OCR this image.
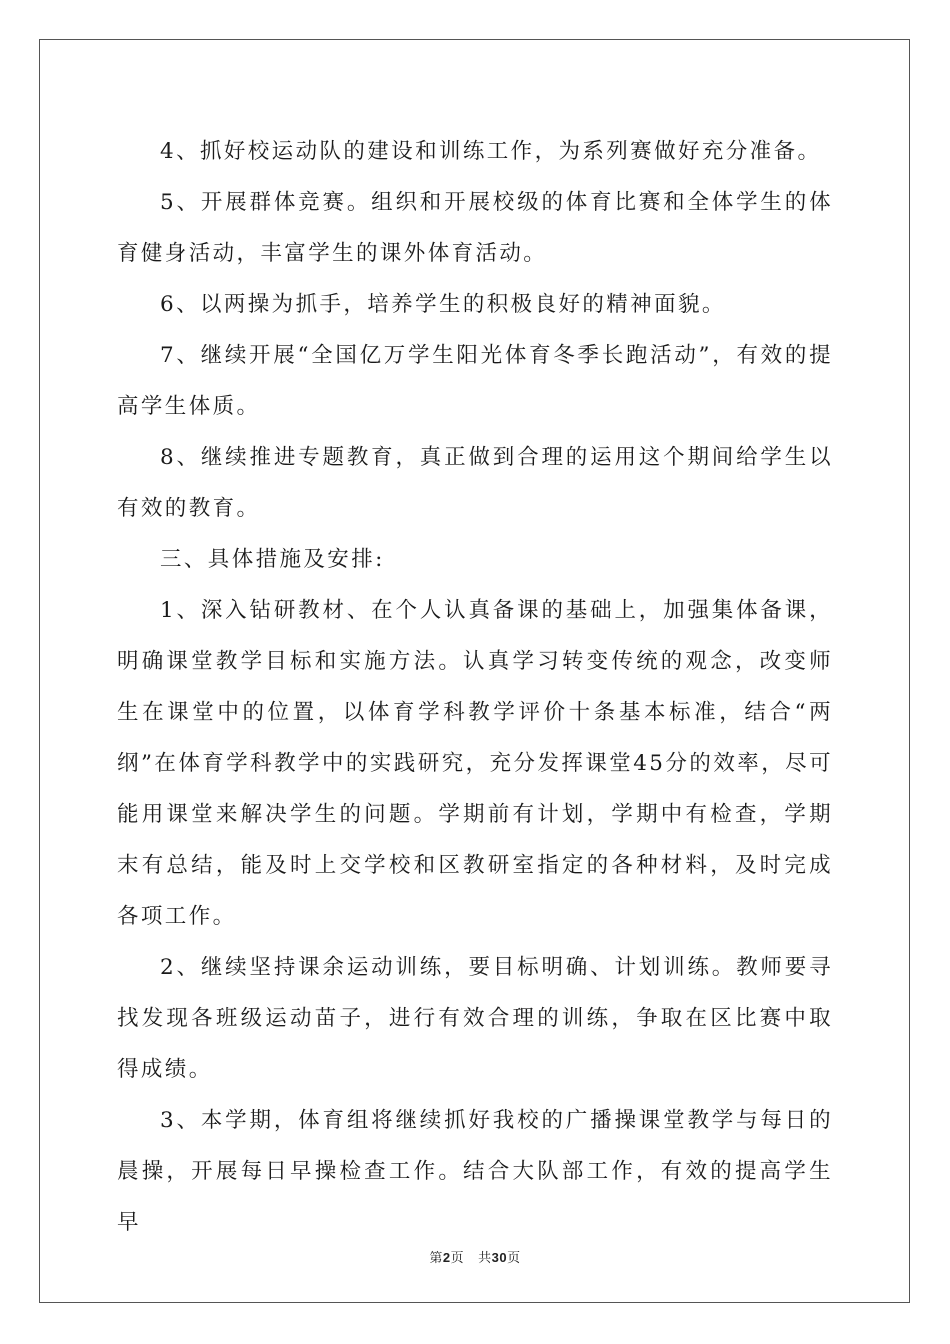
4、抓好校运动队的建设和训练工作，为系列赛做好充分准备。

5、开展群体竞赛。组织和开展校级的体育比赛和全体学生的体育健身活动，丰富学生的课外体育活动。

6、以两操为抓手，培养学生的积极良好的精神面貌。

7、继续开展“全国亿万学生阳光体育冬季长跑活动”，有效的提高学生体质。

8、继续推进专题教育，真正做到合理的运用这个期间给学生以有效的教育。

三、具体措施及安排:

1、深入钻研教材、在个人认真备课的基础上，加强集体备课，明确课堂教学目标和实施方法。认真学习转变传统的观念，改变师生在课堂中的位置，以体育学科教学评价十条基本标准，结合“两纲”在体育学科教学中的实践研究，充分发挥课堂45分的效率，尽可能用课堂来解决学生的问题。学期前有计划，学期中有检查，学期末有总结，能及时上交学校和区教研室指定的各种材料，及时完成各项工作。

2、继续坚持课余运动训练，要目标明确、计划训练。教师要寻找发现各班级运动苗子，进行有效合理的训练，争取在区比赛中取得成绩。

3、本学期，体育组将继续抓好我校的广播操课堂教学与每日的晨操，开展每日早操检查工作。结合大队部工作，有效的提高学生早

第2页 共30页
